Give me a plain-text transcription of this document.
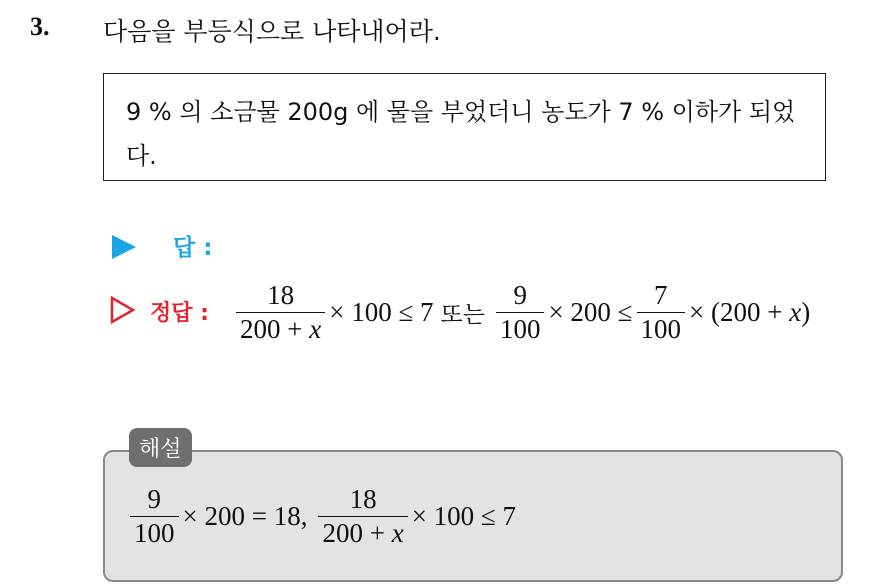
3. 다음을 부등식으로 나타내어라.
9 % 의 소금물 200g 에 물을 부었더니 농도가 7 % 이하가 되었다.
답 :
정답 : $\frac{18}{200 + x} \times 100 \le 7$ 또는 $\frac{9}{100} \times 200 \le \frac{7}{100} \times (200 + x)$
해설
$\frac{9}{100} \times 200 = 18$, $\frac{18}{200 + x} \times 100 \le 7$
